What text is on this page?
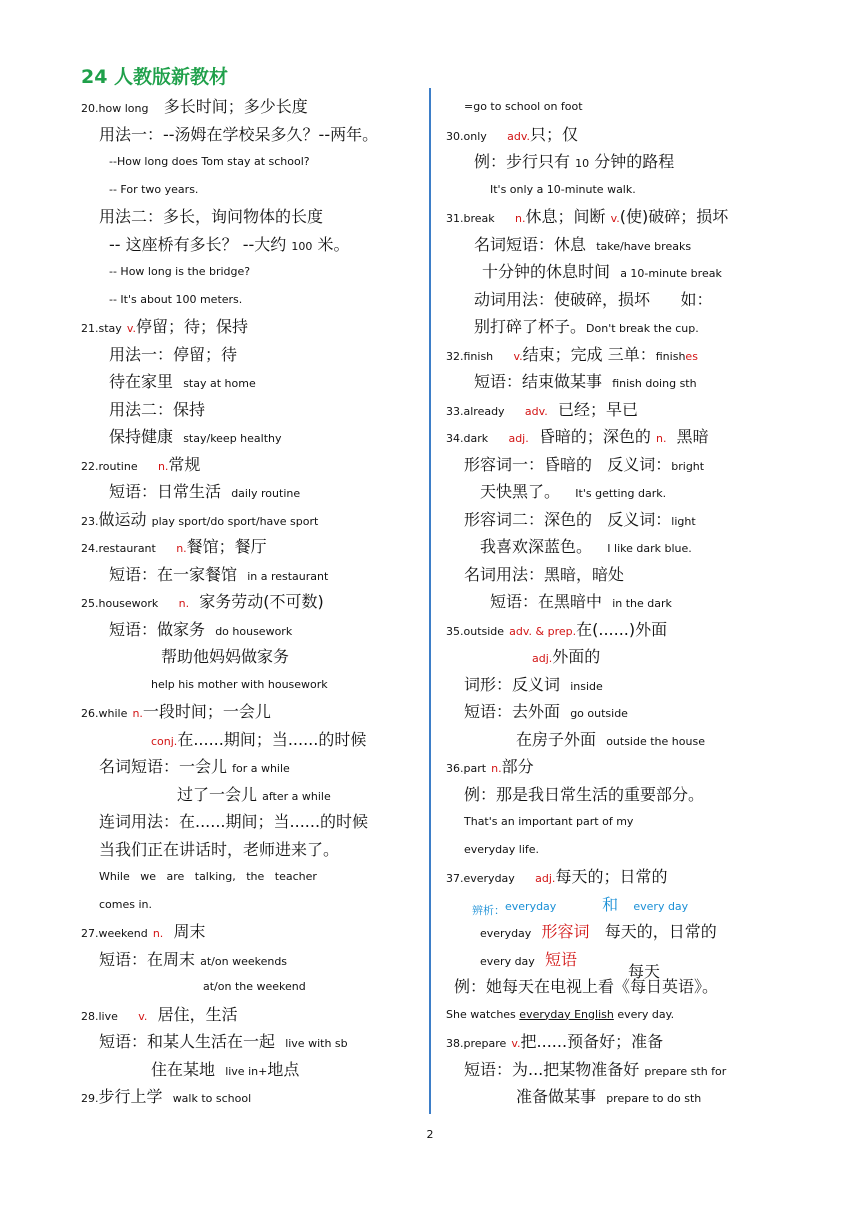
24 人教版新教材
20.how long 多长时间；多少长度
用法一：--汤姆在学校呆多久？--两年。
--How long does Tom stay at school?
-- For two years.
用法二：多长，询问物体的长度
-- 这座桥有多长？ --大约 100 米。
-- How long is the bridge?
-- It's about 100 meters.
21.stay v.停留；待；保持
用法一：停留；待
待在家里 stay at home
用法二：保持
保持健康 stay/keep healthy
22.routine n.常规
短语：日常生活 daily routine
23.做运动 play sport/do sport/have sport
24.restaurant n.餐馆；餐厅
短语：在一家餐馆 in a restaurant
25.housework n. 家务劳动(不可数)
短语：做家务 do housework
帮助他妈妈做家务
help his mother with housework
26.while n.一段时间；一会儿
conj.在......期间；当......的时候
名词短语：一会儿 for a while
过了一会儿 after a while
连词用法：在......期间；当......的时候
当我们正在讲话时，老师进来了。
While   we   are   talking,   the   teacher
comes in.
27.weekend n. 周末
短语：在周末 at/on weekends
at/on the weekend
28.live v. 居住，生活
短语：和某人生活在一起 live with sb
住在某地 live in+地点
29.步行上学 walk to school
=go to school on foot
30.only adv.只；仅
例：步行只有 10 分钟的路程
It's only a 10-minute walk.
31.break n.休息；间断 v.(使)破碎；损坏
名词短语：休息 take/have breaks
十分钟的休息时间 a 10-minute break
动词用法：使破碎，损坏      如：
别打碎了杯子。Don't break the cup.
32.finish v.结束；完成 三单：finishes
短语：结束做某事 finish doing sth
33.already adv. 已经；早已
34.dark adj. 昏暗的；深色的 n. 黑暗
形容词一：昏暗的   反义词：bright
天快黑了。 It's getting dark.
形容词二：深色的   反义词：light
我喜欢深蓝色。 I like dark blue.
名词用法：黑暗，暗处
短语：在黑暗中 in the dark
35.outside adv. & prep.在(......)外面
adj.外面的
词形：反义词 inside
短语：去外面 go outside
在房子外面 outside the house
36.part n.部分
例：那是我日常生活的重要部分。
That's an important part of my
everyday life.
37.everyday adj.每天的；日常的
$_{辨析:}$everyday	和 every day
everyday 形容词 每天的，日常的
every day 短语
每天
例：她每天在电视上看《每日英语》。
She watches everyday English every day.
38.prepare v.把......预备好；准备
短语：为...把某物准备好 prepare sth for
准备做某事 prepare to do sth
2
